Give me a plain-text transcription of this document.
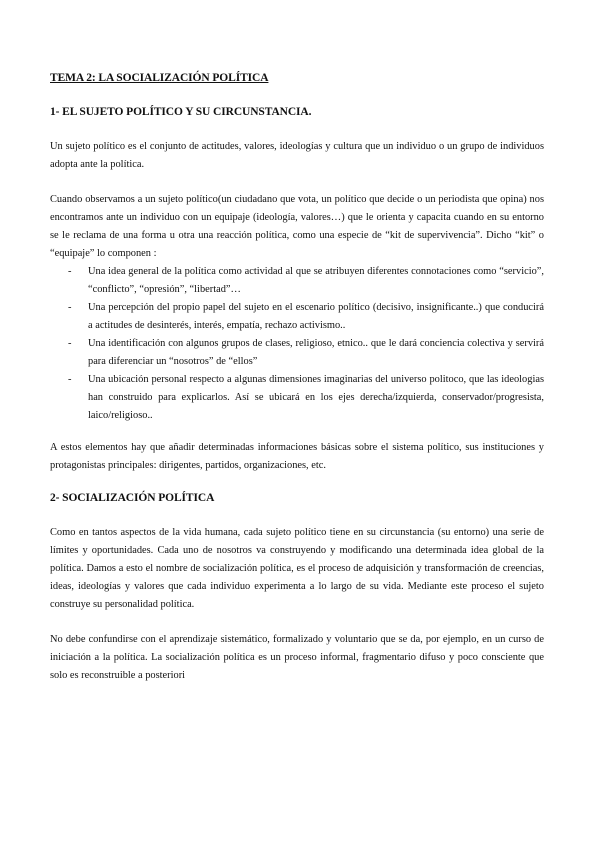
TEMA 2: LA SOCIALIZACIÓN POLÍTICA
1- EL SUJETO POLÍTICO Y SU CIRCUNSTANCIA.

Un sujeto político es el conjunto de actitudes, valores, ideologías y cultura que un individuo o un grupo de individuos adopta ante la política.

Cuando observamos a un sujeto político(un ciudadano que vota, un político que decide o un periodista que opina) nos encontramos ante un individuo con un equipaje (ideología, valores…) que le orienta y capacita cuando en su entorno se le reclama de una forma u otra una reacción política, como una especie de “kit de supervivencia”. Dicho “kit” o “equipaje” lo componen :

- Una idea general de la política como actividad al que se atribuyen diferentes connotaciones como “servicio”, “conflicto”, “opresión”, “libertad”…
- Una percepción del propio papel del sujeto en el escenario político (decisivo, insignificante..) que conducirá a actitudes de desinterés, interés, empatía, rechazo activismo..
- Una identificación con algunos grupos de clases, religioso, etnico.. que le dará conciencia colectiva y servirá para diferenciar un “nosotros” de “ellos”
- Una ubicación personal respecto a algunas dimensiones imaginarias del universo politoco, que las ideologias han construido para explicarlos. Así se ubicará en los ejes derecha/izquierda, conservador/progresista, laico/religioso..

A estos elementos hay que añadir determinadas informaciones básicas sobre el sistema político, sus instituciones y protagonistas principales: dirigentes, partidos, organizaciones, etc.

2- SOCIALIZACIÓN POLÍTICA

Como en tantos aspectos de la vida humana, cada sujeto político tiene en su circunstancia (su entorno) una serie de límites y oportunidades. Cada uno de nosotros va construyendo y modificando una determinada idea global de la política. Damos a esto el nombre de socialización política, es el proceso de adquisición y transformación de creencias, ideas, ideologías y valores que cada individuo experimenta a lo largo de su vida. Mediante este proceso el sujeto construye su personalidad política.

No debe confundirse con el aprendizaje sistemático, formalizado y voluntario que se da, por ejemplo, en un curso de iniciación a la política. La socialización política es un proceso informal, fragmentario difuso y poco consciente que solo es reconstruible a posteriori
